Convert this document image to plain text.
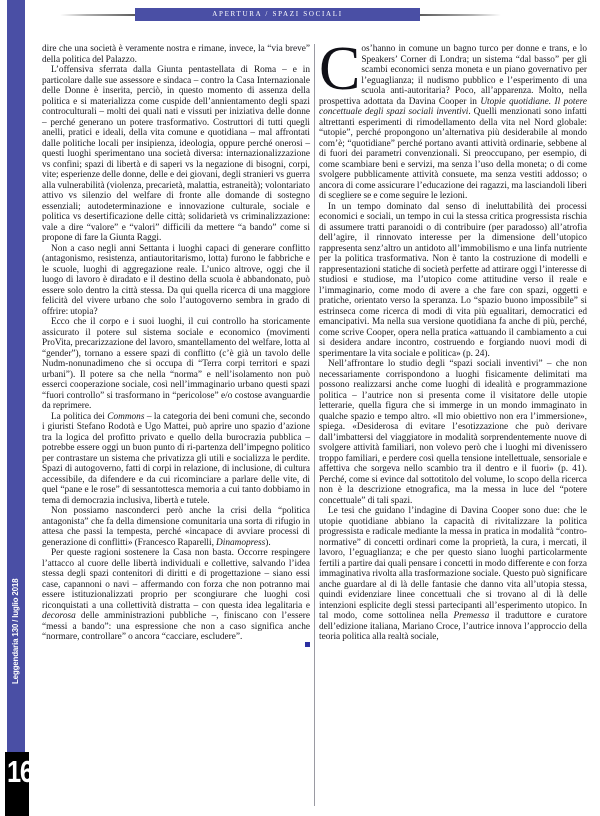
Leggendaria 130 / luglio 2018
16
APERTURA / SPAZI SOCIALI

dire che una società è veramente nostra e rimane, invece, la “via breve” della politica del Palazzo.

L’offensiva sferrata dalla Giunta pentastellata di Roma – e in particolare dalle sue assessore e sindaca – contro la Casa Internazionale delle Donne è inserita, perciò, in questo momento di assenza della politica e si materializza come cuspide dell’annientamento degli spazi controculturali – molti dei quali nati e vissuti per iniziativa delle donne – perché generano un potere trasformativo. Costruttori di tutti quegli anelli, pratici e ideali, della vita comune e quotidiana – mal affrontati dalle politiche locali per insipienza, ideologia, oppure perché onerosi – questi luoghi sperimentano una società diversa: internazionalizzazione vs confini; spazi di libertà e di saperi vs la negazione di bisogni, corpi, vite; esperienze delle donne, delle e dei giovani, degli stranieri vs guerra alla vulnerabilità (violenza, precarietà, malattia, estraneità); volontariato attivo vs silenzio del welfare di fronte alle domande di sostegno essenziali; autodeterminazione e innovazione culturale, sociale e politica vs desertificazione delle città; solidarietà vs criminalizzazione: vale a dire “valore” e “valori” difficili da mettere “a bando” come si propone di fare la Giunta Raggi.

Non a caso negli anni Settanta i luoghi capaci di generare conflitto (antagonismo, resistenza, antiautoritarismo, lotta) furono le fabbriche e le scuole, luoghi di aggregazione reale. L’unico altrove, oggi che il luogo di lavoro è diradato e il destino della scuola è abbandonato, può essere solo dentro la città stessa. Da qui quella ricerca di una maggiore felicità del vivere urbano che solo l’autogoverno sembra in grado di offrire: utopia?

Ecco che il corpo e i suoi luoghi, il cui controllo ha storicamente assicurato il potere sul sistema sociale e economico (movimenti ProVita, precarizzazione del lavoro, smantellamento del welfare, lotta al “gender”), tornano a essere spazi di conflitto (c’è già un tavolo delle Nudm-nonunadimeno che si occupa di “Terra corpi territori e spazi urbani”). Il potere sa che nella “norma” e nell’isolamento non può esserci cooperazione sociale, così nell’immaginario urbano questi spazi “fuori controllo” si trasformano in “pericolose” e/o costose avanguardie da reprimere.

La politica dei Commons – la categoria dei beni comuni che, secondo i giuristi Stefano Rodotà e Ugo Mattei, può aprire uno spazio d’azione tra la logica del profitto privato e quello della burocrazia pubblica – potrebbe essere oggi un buon punto di ri-partenza dell’impegno politico per contrastare un sistema che privatizza gli utili e socializza le perdite. Spazi di autogoverno, fatti di corpi in relazione, di inclusione, di cultura accessibile, da difendere e da cui ricominciare a parlare delle vite, di quel “pane e le rose” di sessantottesca memoria a cui tanto dobbiamo in tema di democrazia inclusiva, libertà e tutele.

Non possiamo nasconderci però anche la crisi della “politica antagonista” che fa della dimensione comunitaria una sorta di rifugio in attesa che passi la tempesta, perché «incapace di avviare processi di generazione di conflitti» (Francesco Raparelli, Dinamopress).

Per queste ragioni sostenere la Casa non basta. Occorre respingere l’attacco al cuore delle libertà individuali e collettive, salvando l’idea stessa degli spazi contenitori di diritti e di progettazione – siano essi case, capannoni o navi – affermando con forza che non potranno mai essere istituzionalizzati proprio per scongiurare che luoghi così riconquistati a una collettività distratta – con questa idea legalitaria e decorosa delle amministrazioni pubbliche –, finiscano con l’essere “messi a bando”: una espressione che non a caso significa anche “normare, controllare” o ancora “cacciare, escludere”.

Cos’hanno in comune un bagno turco per donne e trans, e lo Speakers’ Corner di Londra; un sistema “dal basso” per gli scambi economici senza moneta e un piano governativo per l’eguaglianza; il nudismo pubblico e l’esperimento di una scuola anti-autoritaria? Poco, all’apparenza. Molto, nella prospettiva adottata da Davina Cooper in Utopie quotidiane. Il potere concettuale degli spazi sociali inventivi. Quelli menzionati sono infatti altrettanti esperimenti di rimodellamento della vita nel Nord globale: “utopie”, perché propongono un’alternativa più desiderabile al mondo com’è; “quotidiane” perché portano avanti attività ordinarie, sebbene al di fuori dei parametri convenzionali. Si preoccupano, per esempio, di come scambiare beni e servizi, ma senza l’uso della moneta; o di come svolgere pubblicamente attività consuete, ma senza vestiti addosso; o ancora di come assicurare l’educazione dei ragazzi, ma lasciandoli liberi di scegliere se e come seguire le lezioni.

In un tempo dominato dal senso di ineluttabilità dei processi economici e sociali, un tempo in cui la stessa critica progressista rischia di assumere tratti paranoidi o di contribuire (per paradosso) all’atrofia dell’agire, il rinnovato interesse per la dimensione dell’utopico rappresenta senz’altro un antidoto all’immobilismo e una linfa nutriente per la politica trasformativa. Non è tanto la costruzione di modelli e rappresentazioni statiche di società perfette ad attirare oggi l’interesse di studiosi e studiose, ma l’utopico come attitudine verso il reale e l’immaginario, come modo di avere a che fare con spazi, oggetti e pratiche, orientato verso la speranza. Lo “spazio buono impossibile” si estrinseca come ricerca di modi di vita più egualitari, democratici ed emancipativi. Ma nella sua versione quotidiana fa anche di più, perché, come scrive Cooper, opera nella pratica «attuando il cambiamento a cui si desidera andare incontro, costruendo e forgiando nuovi modi di sperimentare la vita sociale e politica» (p. 24).

Nell’affrontare lo studio degli “spazi sociali inventivi” – che non necessariamente corrispondono a luoghi fisicamente delimitati ma possono realizzarsi anche come luoghi di idealità e programmazione politica – l’autrice non si presenta come il visitatore delle utopie letterarie, quella figura che si immerge in un mondo immaginato in qualche spazio e tempo altro. «Il mio obiettivo non era l’immersione», spiega. «Desiderosa di evitare l’esotizzazione che può derivare dall’imbattersi del viaggiatore in modalità sorprendentemente nuove di svolgere attività familiari, non volevo però che i luoghi mi divenissero troppo familiari, e perdere così quella tensione intellettuale, sensoriale e affettiva che sorgeva nello scambio tra il dentro e il fuori» (p. 41). Perché, come si evince dal sottotitolo del volume, lo scopo della ricerca non è la descrizione etnografica, ma la messa in luce del “potere concettuale” di tali spazi.

Le tesi che guidano l’indagine di Davina Cooper sono due: che le utopie quotidiane abbiano la capacità di rivitalizzare la politica progressista e radicale mediante la messa in pratica in modalità “contro-normative” di concetti ordinari come la proprietà, la cura, i mercati, il lavoro, l’eguaglianza; e che per questo siano luoghi particolarmente fertili a partire dai quali pensare i concetti in modo differente e con forza immaginativa rivolta alla trasformazione sociale. Questo può significare anche guardare al di là delle fantasie che danno vita all’utopia stessa, quindi evidenziare linee concettuali che si trovano al di là delle intenzioni esplicite degli stessi partecipanti all’esperimento utopico. In tal modo, come sottolinea nella Premessa il traduttore e curatore dell’edizione italiana, Mariano Croce, l’autrice innova l’approccio della teoria politica alla realtà sociale,
